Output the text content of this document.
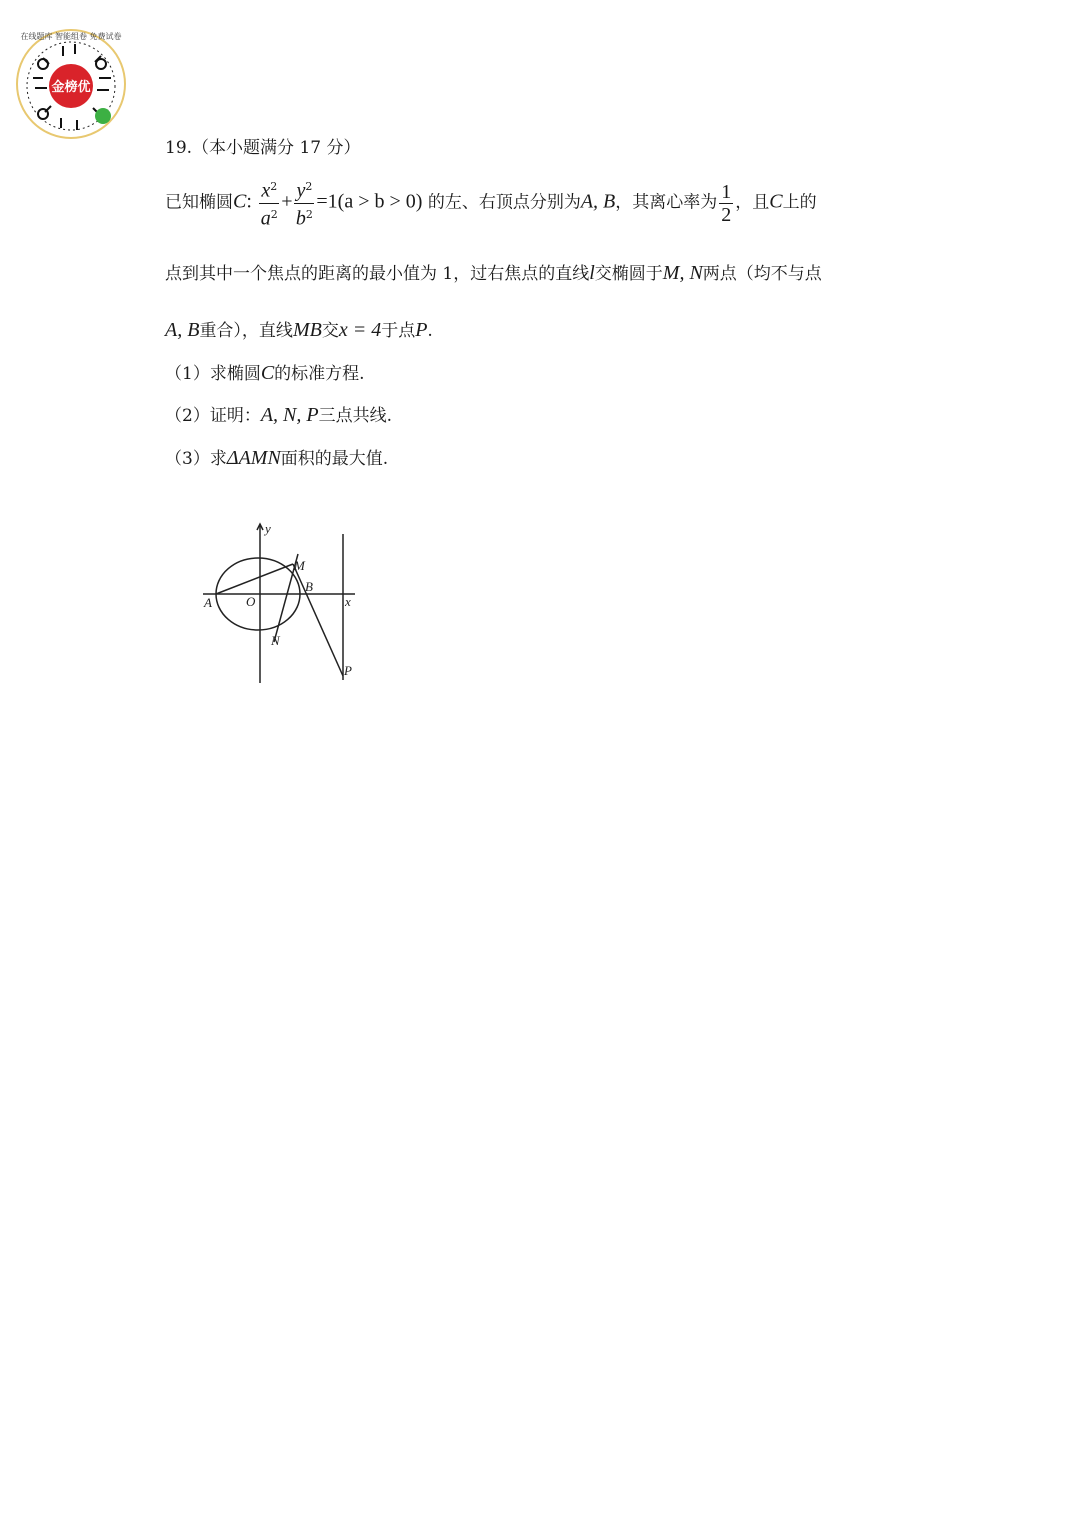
金榜优
在线题库 智能组卷 免费试卷
19.（本小题满分 17 分）
已知椭圆C: $\frac{x^2}{a^2} + \frac{y^2}{b^2} =1(a > b > 0)$ 的左、右顶点分别为A, B，其离心率为 $\frac{1}{2}$ ，且C上的
点到其中一个焦点的距离的最小值为 1，过右焦点的直线l交椭圆于M, N两点（均不与点
A, B重合），直线MB交x = 4于点P.
（1）求椭圆C的标准方程.
（2）证明：A, N, P三点共线.
（3）求ΔAMN面积的最大值.
y
x
M
B
A	O
N
P
